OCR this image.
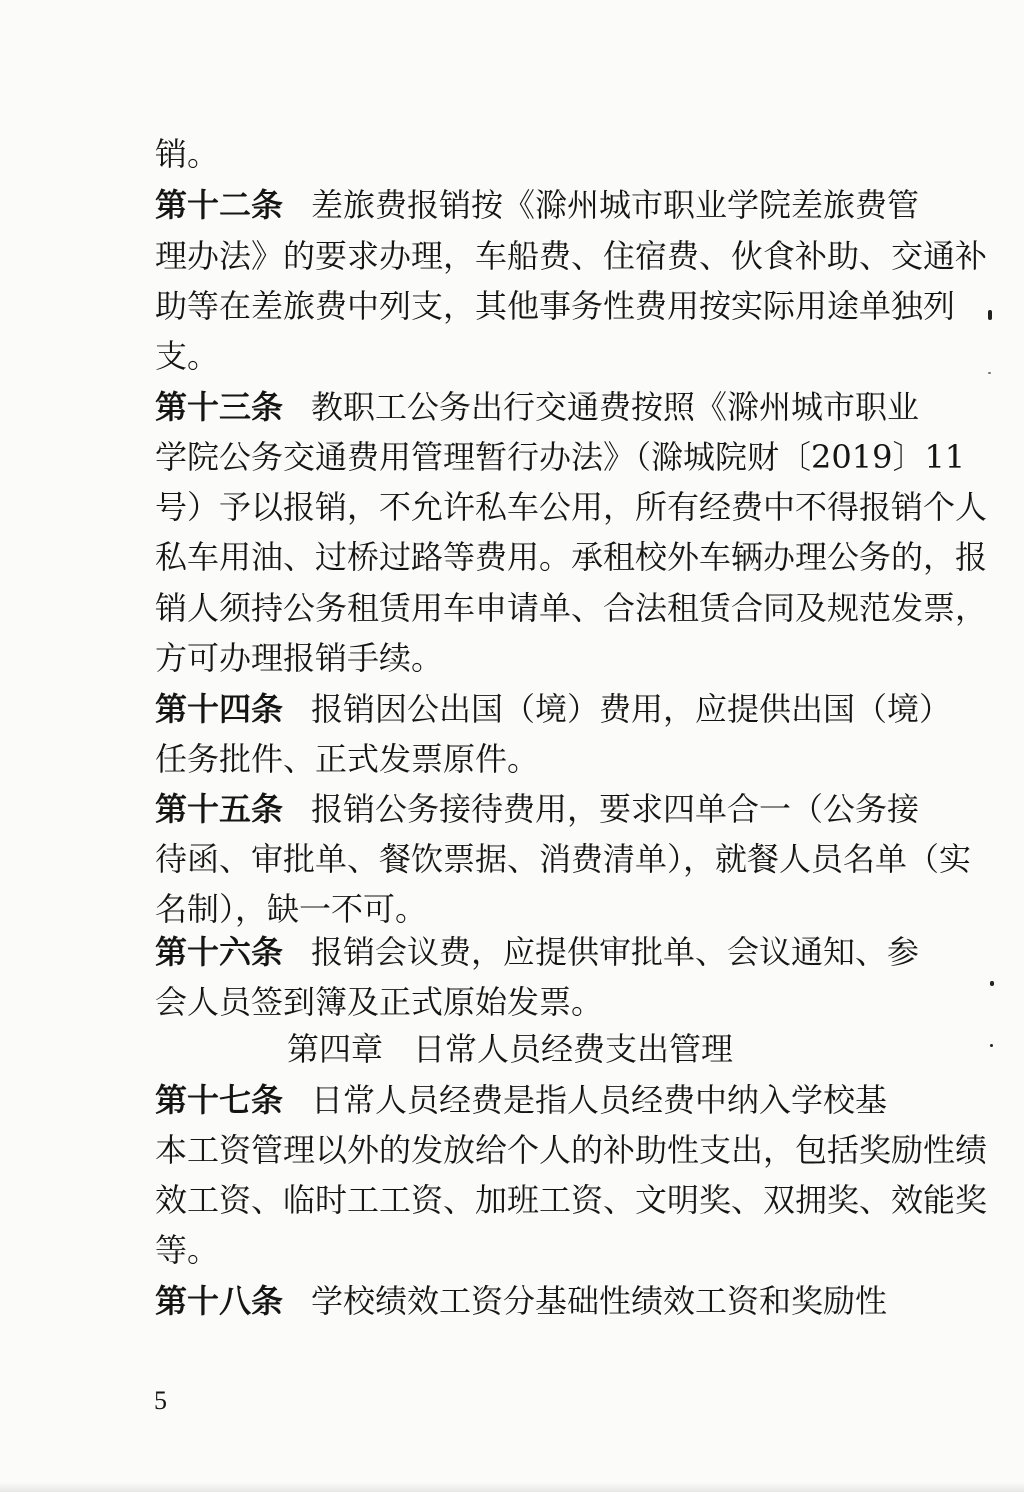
销。
第十二条 差旅费报销按《滁州城市职业学院差旅费管
理办法》的要求办理，车船费、住宿费、伙食补助、交通补
助等在差旅费中列支，其他事务性费用按实际用途单独列
支。
第十三条 教职工公务出行交通费按照《滁州城市职业
学院公务交通费用管理暂行办法》（滁城院财〔2019〕11
号）予以报销，不允许私车公用，所有经费中不得报销个人
私车用油、过桥过路等费用。承租校外车辆办理公务的，报
销人须持公务租赁用车申请单、合法租赁合同及规范发票，
方可办理报销手续。
第十四条 报销因公出国（境）费用，应提供出国（境）
任务批件、正式发票原件。
第十五条 报销公务接待费用，要求四单合一（公务接
待函、审批单、餐饮票据、消费清单），就餐人员名单（实
名制），缺一不可。
第十六条 报销会议费，应提供审批单、会议通知、参
会人员签到簿及正式原始发票。
第四章 日常人员经费支出管理
第十七条 日常人员经费是指人员经费中纳入学校基
本工资管理以外的发放给个人的补助性支出，包括奖励性绩
效工资、临时工工资、加班工资、文明奖、双拥奖、效能奖
等。
第十八条 学校绩效工资分基础性绩效工资和奖励性
5
